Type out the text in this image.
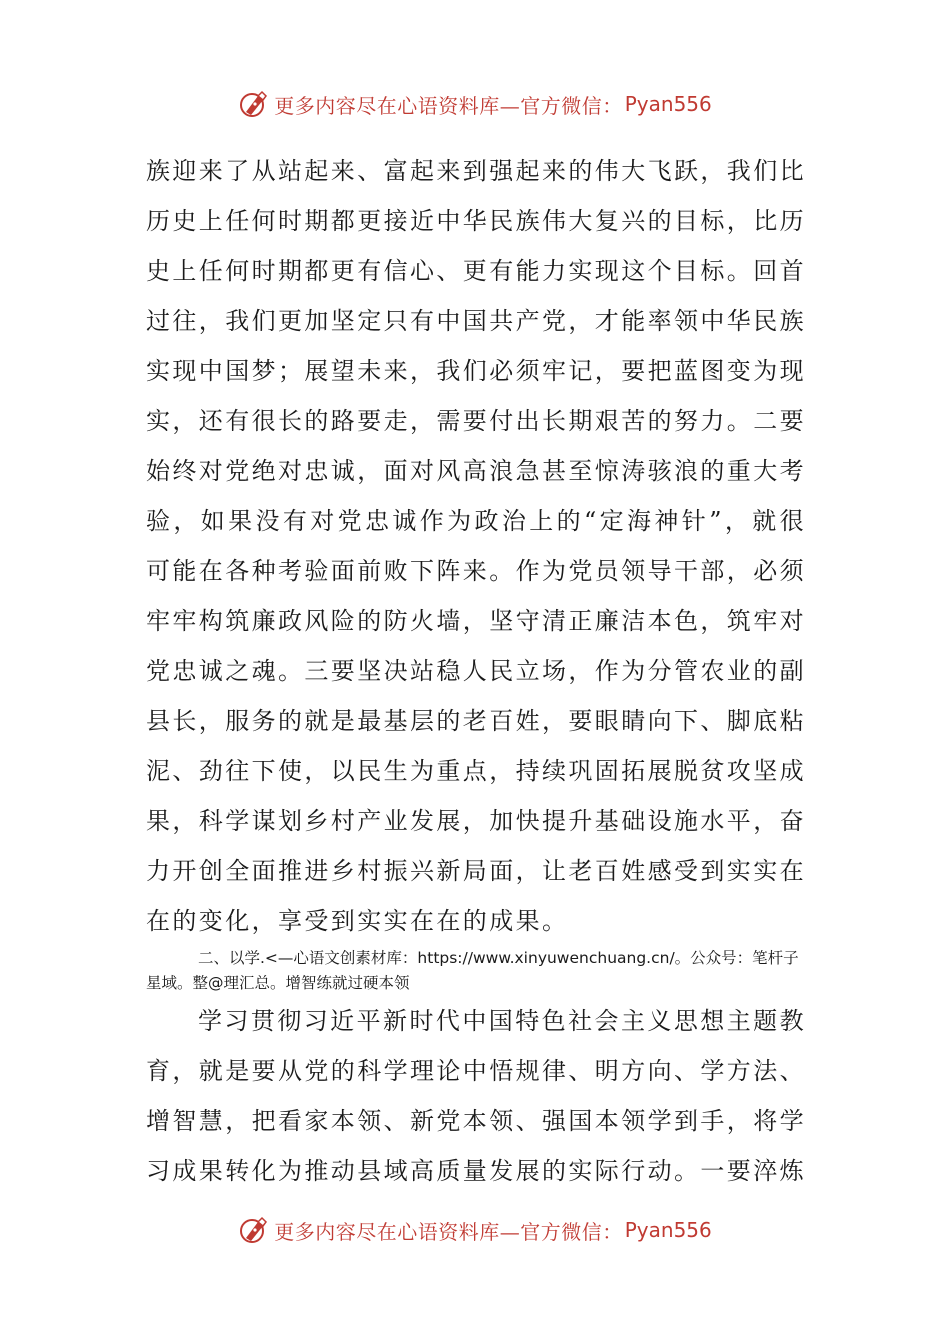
更多内容尽在心语资料库—官方微信： Pyan556

族迎来了从站起来、富起来到强起来的伟大飞跃，我们比历史上任何时期都更接近中华民族伟大复兴的目标，比历史上任何时期都更有信心、更有能力实现这个目标。回首过往，我们更加坚定只有中国共产党，才能率领中华民族实现中国梦；展望未来，我们必须牢记，要把蓝图变为现实，还有很长的路要走，需要付出长期艰苦的努力。二要始终对党绝对忠诚，面对风高浪急甚至惊涛骇浪的重大考验，如果没有对党忠诚作为政治上的“定海神针”，就很可能在各种考验面前败下阵来。作为党员领导干部，必须牢牢构筑廉政风险的防火墙，坚守清正廉洁本色，筑牢对党忠诚之魂。三要坚决站稳人民立场，作为分管农业的副县长，服务的就是最基层的老百姓，要眼睛向下、脚底粘泥、劲往下使，以民生为重点，持续巩固拓展脱贫攻坚成果，科学谋划乡村产业发展，加快提升基础设施水平，奋力开创全面推进乡村振兴新局面，让老百姓感受到实实在在的变化，享受到实实在在的成果。

二、以学.<—心语文创素材库：https://www.xinyuwenchuang.cn/。公众号：笔杆子星域。整@理汇总。增智练就过硬本领

学习贯彻习近平新时代中国特色社会主义思想主题教育，就是要从党的科学理论中悟规律、明方向、学方法、增智慧，把看家本领、新党本领、强国本领学到手，将学习成果转化为推动县域高质量发展的实际行动。一要淬炼

更多内容尽在心语资料库—官方微信： Pyan556
